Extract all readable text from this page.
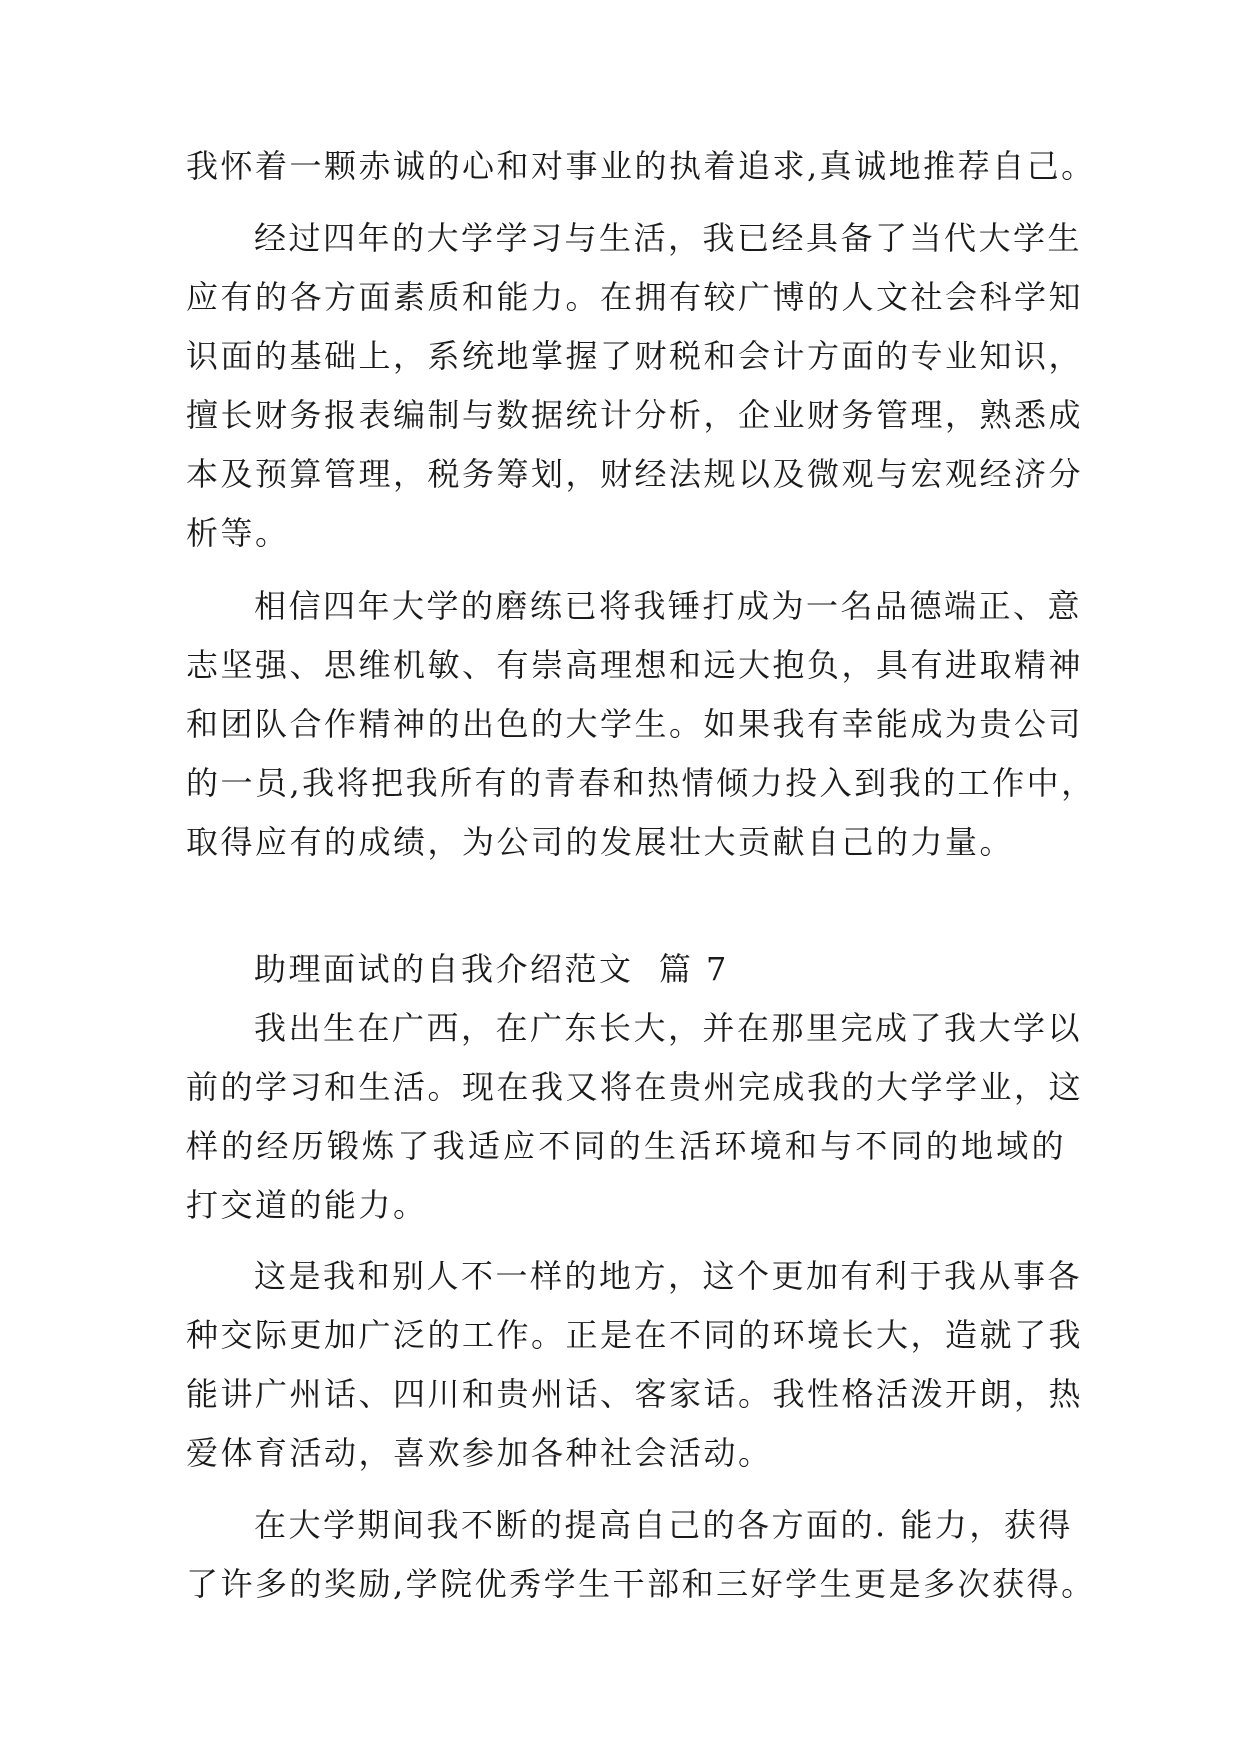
我怀着一颗赤诚的心和对事业的执着追求,真诚地推荐自己。
经过四年的大学学习与生活，我已经具备了当代大学生
应有的各方面素质和能力。在拥有较广博的人文社会科学知
识面的基础上，系统地掌握了财税和会计方面的专业知识，
擅长财务报表编制与数据统计分析，企业财务管理，熟悉成
本及预算管理，税务筹划，财经法规以及微观与宏观经济分
析等。
相信四年大学的磨练已将我锤打成为一名品德端正、意
志坚强、思维机敏、有崇高理想和远大抱负，具有进取精神
和团队合作精神的出色的大学生。如果我有幸能成为贵公司
的一员,我将把我所有的青春和热情倾力投入到我的工作中，
取得应有的成绩，为公司的发展壮大贡献自己的力量。
助理面试的自我介绍范文  篇 7
我出生在广西，在广东长大，并在那里完成了我大学以
前的学习和生活。现在我又将在贵州完成我的大学学业，这
样的经历锻炼了我适应不同的生活环境和与不同的地域的
打交道的能力。
这是我和别人不一样的地方，这个更加有利于我从事各
种交际更加广泛的工作。正是在不同的环境长大，造就了我
能讲广州话、四川和贵州话、客家话。我性格活泼开朗，热
爱体育活动，喜欢参加各种社会活动。
在大学期间我不断的提高自己的各方面的. 能力，获得
了许多的奖励,学院优秀学生干部和三好学生更是多次获得。
